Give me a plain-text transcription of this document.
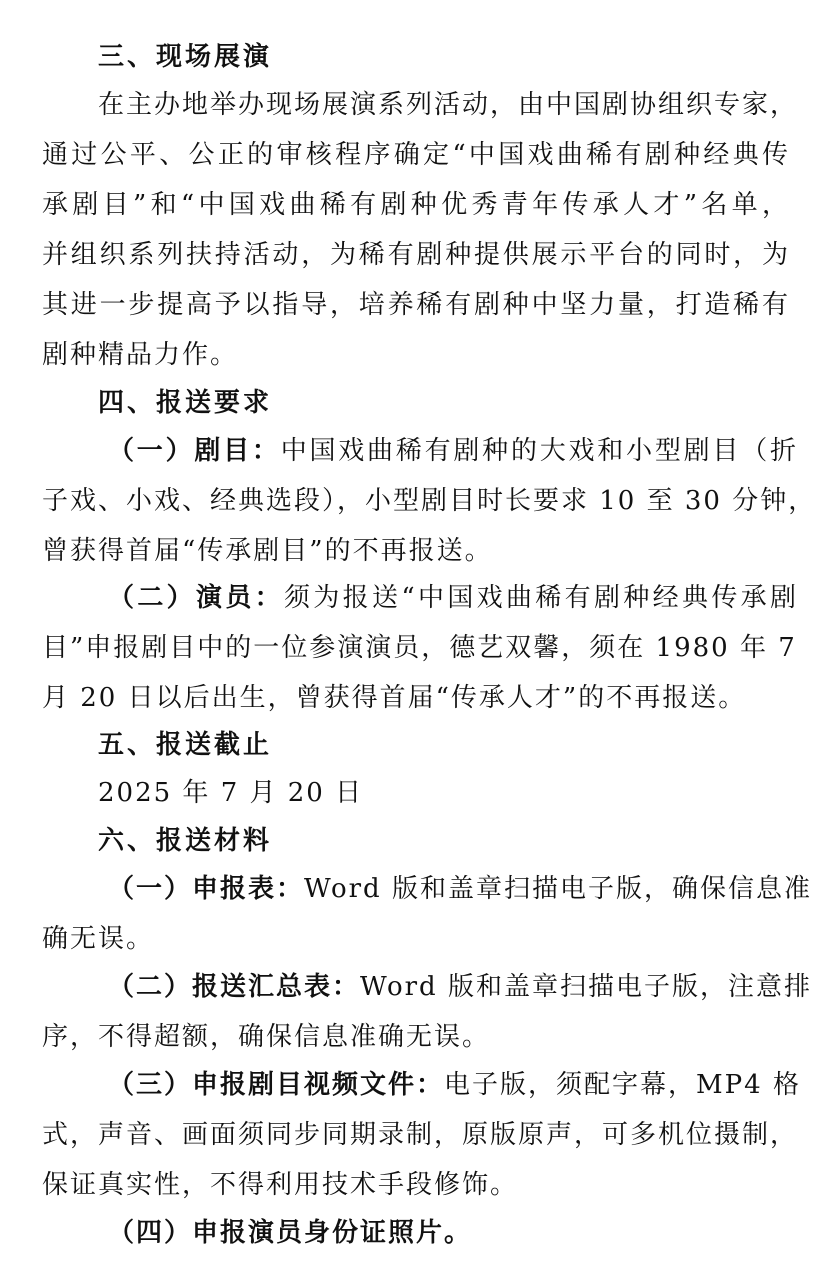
三、现场展演
在主办地举办现场展演系列活动，由中国剧协组织专家，
通过公平、公正的审核程序确定“中国戏曲稀有剧种经典传
承剧目”和“中国戏曲稀有剧种优秀青年传承人才”名单，
并组织系列扶持活动，为稀有剧种提供展示平台的同时，为
其进一步提高予以指导，培养稀有剧种中坚力量，打造稀有
剧种精品力作。
四、报送要求
（一）剧目：中国戏曲稀有剧种的大戏和小型剧目（折
子戏、小戏、经典选段），小型剧目时长要求 10 至 30 分钟，
曾获得首届“传承剧目”的不再报送。
（二）演员：须为报送“中国戏曲稀有剧种经典传承剧
目”申报剧目中的一位参演演员，德艺双馨，须在 1980 年 7
月 20 日以后出生，曾获得首届“传承人才”的不再报送。
五、报送截止
2025 年 7 月 20 日
六、报送材料
（一）申报表：Word 版和盖章扫描电子版，确保信息准
确无误。
（二）报送汇总表：Word 版和盖章扫描电子版，注意排
序，不得超额，确保信息准确无误。
（三）申报剧目视频文件：电子版，须配字幕，MP4 格
式，声音、画面须同步同期录制，原版原声，可多机位摄制，
保证真实性，不得利用技术手段修饰。
（四）申报演员身份证照片。
